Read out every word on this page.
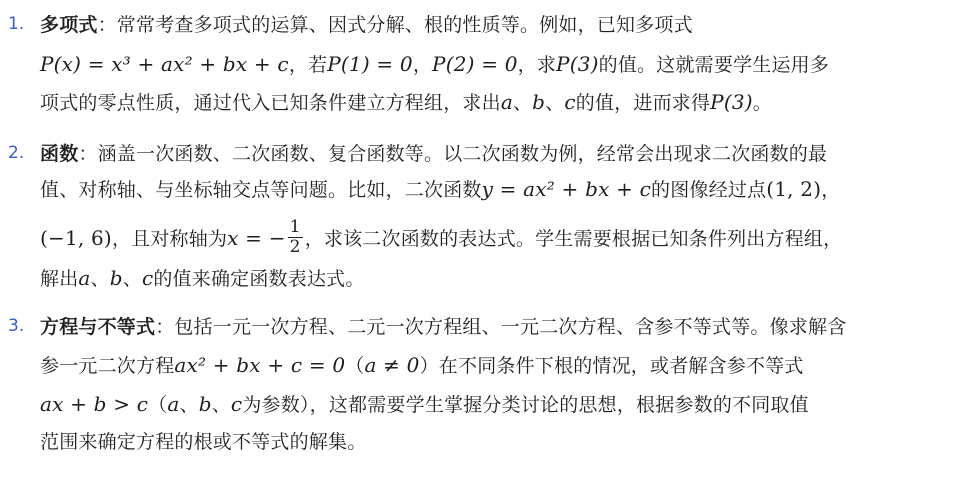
1. 多项式：常常考查多项式的运算、因式分解、根的性质等。例如，已知多项式
P(x) = x³ + ax² + bx + c，若P(1) = 0，P(2) = 0，求P(3)的值。这就需要学生运用多
项式的零点性质，通过代入已知条件建立方程组，求出a、b、c的值，进而求得P(3)。
2. 函数：涵盖一次函数、二次函数、复合函数等。以二次函数为例，经常会出现求二次函数的最
值、对称轴、与坐标轴交点等问题。比如，二次函数y = ax² + bx + c的图像经过点(1, 2)，
(−1, 6)，且对称轴为x = − $\frac{1}{2}$ ，求该二次函数的表达式。学生需要根据已知条件列出方程组，
解出a、b、c的值来确定函数表达式。
3. 方程与不等式：包括一元一次方程、二元一次方程组、一元二次方程、含参不等式等。像求解含
参一元二次方程ax² + bx + c = 0（a ≠ 0）在不同条件下根的情况，或者解含参不等式
ax + b > c（a、b、c为参数），这都需要学生掌握分类讨论的思想，根据参数的不同取值
范围来确定方程的根或不等式的解集。
